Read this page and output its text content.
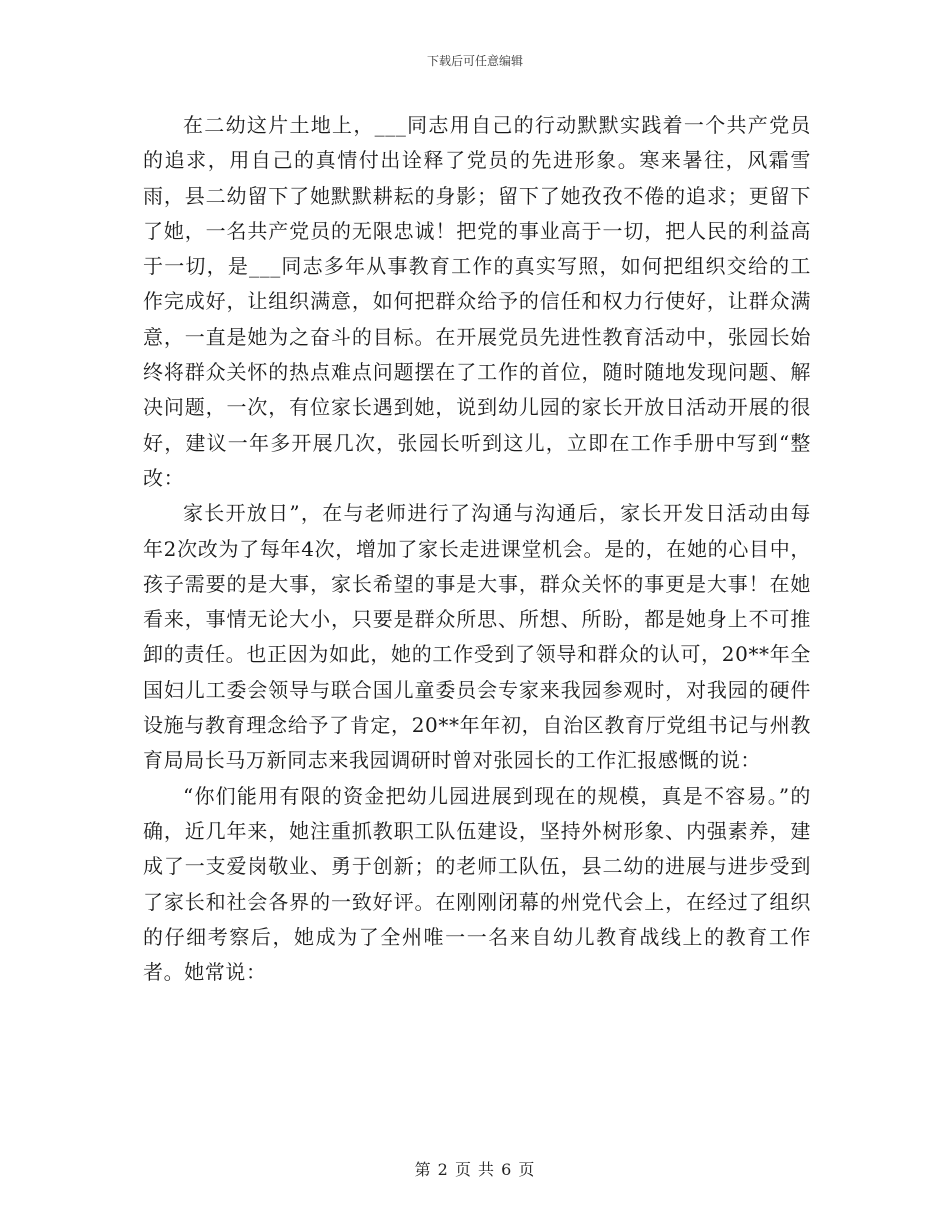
下载后可任意编辑

在二幼这片土地上，___同志用自己的行动默默实践着一个共产党员的追求，用自己的真情付出诠释了党员的先进形象。寒来暑往，风霜雪雨，县二幼留下了她默默耕耘的身影；留下了她孜孜不倦的追求；更留下了她，一名共产党员的无限忠诚！把党的事业高于一切，把人民的利益高于一切，是___同志多年从事教育工作的真实写照，如何把组织交给的工作完成好，让组织满意，如何把群众给予的信任和权力行使好，让群众满意，一直是她为之奋斗的目标。在开展党员先进性教育活动中，张园长始终将群众关怀的热点难点问题摆在了工作的首位，随时随地发现问题、解决问题，一次，有位家长遇到她，说到幼儿园的家长开放日活动开展的很好，建议一年多开展几次，张园长听到这儿，立即在工作手册中写到“整改：

家长开放日”，在与老师进行了沟通与沟通后，家长开发日活动由每年2次改为了每年4次，增加了家长走进课堂机会。是的，在她的心目中，孩子需要的是大事，家长希望的事是大事，群众关怀的事更是大事！在她看来，事情无论大小，只要是群众所思、所想、所盼，都是她身上不可推卸的责任。也正因为如此，她的工作受到了领导和群众的认可，20**年全国妇儿工委会领导与联合国儿童委员会专家来我园参观时，对我园的硬件设施与教育理念给予了肯定，20**年年初，自治区教育厅党组书记与州教育局局长马万新同志来我园调研时曾对张园长的工作汇报感慨的说：

“你们能用有限的资金把幼儿园进展到现在的规模，真是不容易。”的确，近几年来，她注重抓教职工队伍建设，坚持外树形象、内强素养，建成了一支爱岗敬业、勇于创新；的老师工队伍，县二幼的进展与进步受到了家长和社会各界的一致好评。在刚刚闭幕的州党代会上，在经过了组织的仔细考察后，她成为了全州唯一一名来自幼儿教育战线上的教育工作者。她常说：

第 2 页 共 6 页
